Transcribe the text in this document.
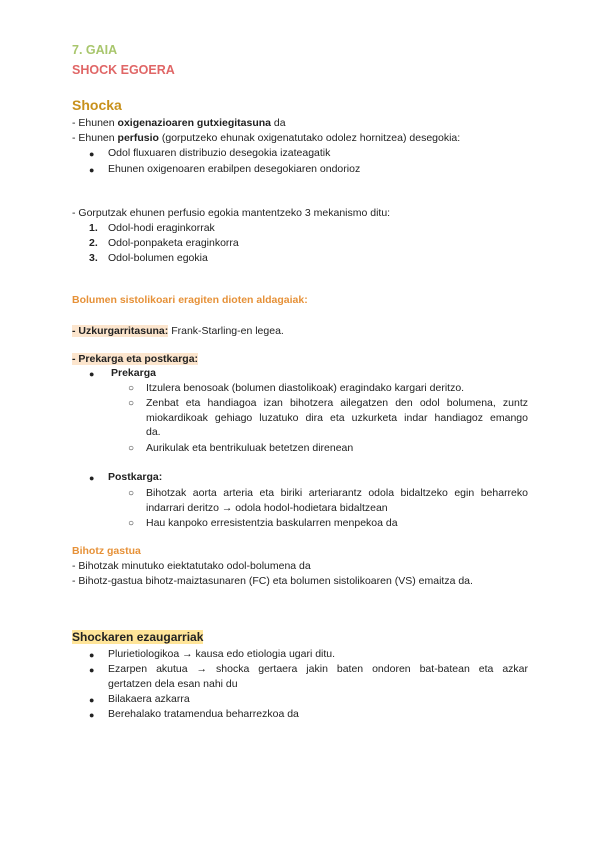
7. GAIA
SHOCK EGOERA
Shocka
- Ehunen oxigenazioaren gutxiegitasuna da
- Ehunen perfusio (gorputzeko ehunak oxigenatutako odolez hornitzea) desegokia:
● Odol fluxuaren distribuzio desegokia izateagatik
● Ehunen oxigenoaren erabilpen desegokiaren ondorioz
- Gorputzak ehunen perfusio egokia mantentzeko 3 mekanismo ditu:
1. Odol-hodi eraginkorrak
2. Odol-ponpaketa eraginkorra
3. Odol-bolumen egokia
Bolumen sistolikoari eragiten dioten aldagaiak:
- Uzkurgarritasuna: Frank-Starling-en legea.
- Prekarga eta postkarga:
● Prekarga
○ Itzulera benosoak (bolumen diastolikoak) eragindako kargari deritzo.
○ Zenbat eta handiagoa izan bihotzera ailegatzen den odol bolumena, zuntz
miokardikoak gehiago luzatuko dira eta uzkurketa indar handiagoz emango
da.
○ Aurikulak eta bentrikuluak betetzen direnean
● Postkarga:
○ Bihotzak aorta arteria eta biriki arteriarantz odola bidaltzeko egin beharreko
indarrari deritzo → odola hodol-hodietara bidaltzean
○ Hau kanpoko erresistentzia baskularren menpekoa da
Bihotz gastua
- Bihotzak minutuko eiektatutako odol-bolumena da
- Bihotz-gastua bihotz-maiztasunaren (FC) eta bolumen sistolikoaren (VS) emaitza da.
Shockaren ezaugarriak
● Plurietiologikoa → kausa edo etiologia ugari ditu.
● Ezarpen akutua → shocka gertaera jakin baten ondoren bat-batean eta azkar
gertatzen dela esan nahi du
● Bilakaera azkarra
● Berehalako tratamendua beharrezkoa da
